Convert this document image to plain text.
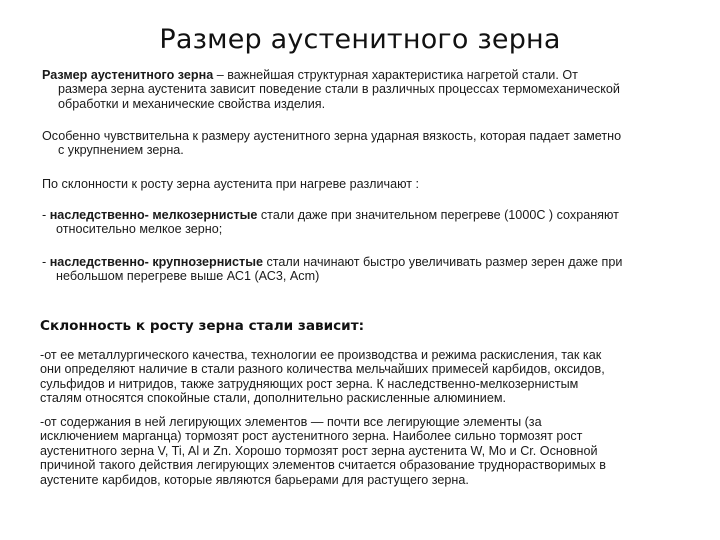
Размер аустенитного зерна
Размер аустенитного зерна – важнейшая структурная характеристика нагретой стали. От
размера зерна аустенита зависит поведение стали в различных процессах термомеханической
обработки и механические свойства изделия.
Особенно чувствительна к размеру аустенитного зерна ударная вязкость, которая падает заметно
с укрупнением зерна.
По склонности к росту зерна аустенита при нагреве различают :
- наследственно- мелкозернистые стали даже при значительном перегреве (1000С ) сохраняют
относительно мелкое зерно;
- наследственно- крупнозернистые стали начинают быстро увеличивать размер зерен даже при
небольшом перегреве выше АС1 (АС3, Acm)
Склонность к росту зерна стали зависит:
-от ее металлургического качества, технологии ее производства и режима раскисления, так как
они определяют наличие в стали разного количества мельчайших примесей карбидов, оксидов,
сульфидов и нитридов, также затрудняющих рост зерна. К наследственно-мелкозернистым
сталям относятся спокойные стали, дополнительно раскисленные алюминием.
-от содержания в ней легирующих элементов — почти все легирующие элементы (за
исключением марганца) тормозят рост аустенитного зерна. Наиболее сильно тормозят рост
аустенитного зерна V, Ti, Al и Zn. Хорошо тормозят рост зерна аустенита W, Mo и Cr. Основной
причиной такого действия легирующих элементов считается образование труднорастворимых в
аустените карбидов, которые являются барьерами для растущего зерна.
